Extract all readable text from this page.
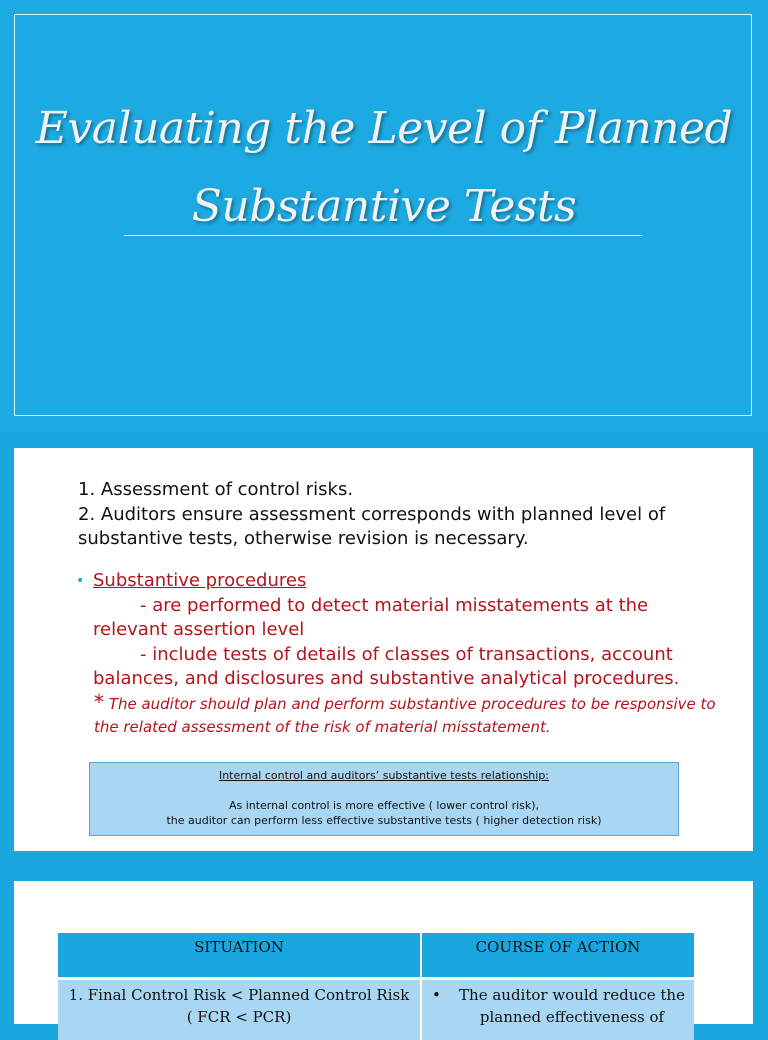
Evaluating the Level of Planned
Substantive Tests
1. Assessment of control risks.
2. Auditors ensure assessment corresponds with planned level of substantive tests, otherwise revision is necessary.
• Substantive procedures
- are performed to detect material misstatements at the
relevant assertion level
- include tests of details of classes of transactions, account
balances, and disclosures and substantive analytical procedures.
* The auditor should plan and perform substantive procedures to be responsive to the related assessment of the risk of material misstatement.
Internal control and auditors’ substantive tests relationship:
As internal control is more effective ( lower control risk),
the auditor can perform less effective substantive tests ( higher detection risk)
SITUATION	COURSE OF ACTION
1. Final Control Risk < Planned Control Risk
( FCR < PCR)
•	The auditor would reduce the
planned effectiveness of
